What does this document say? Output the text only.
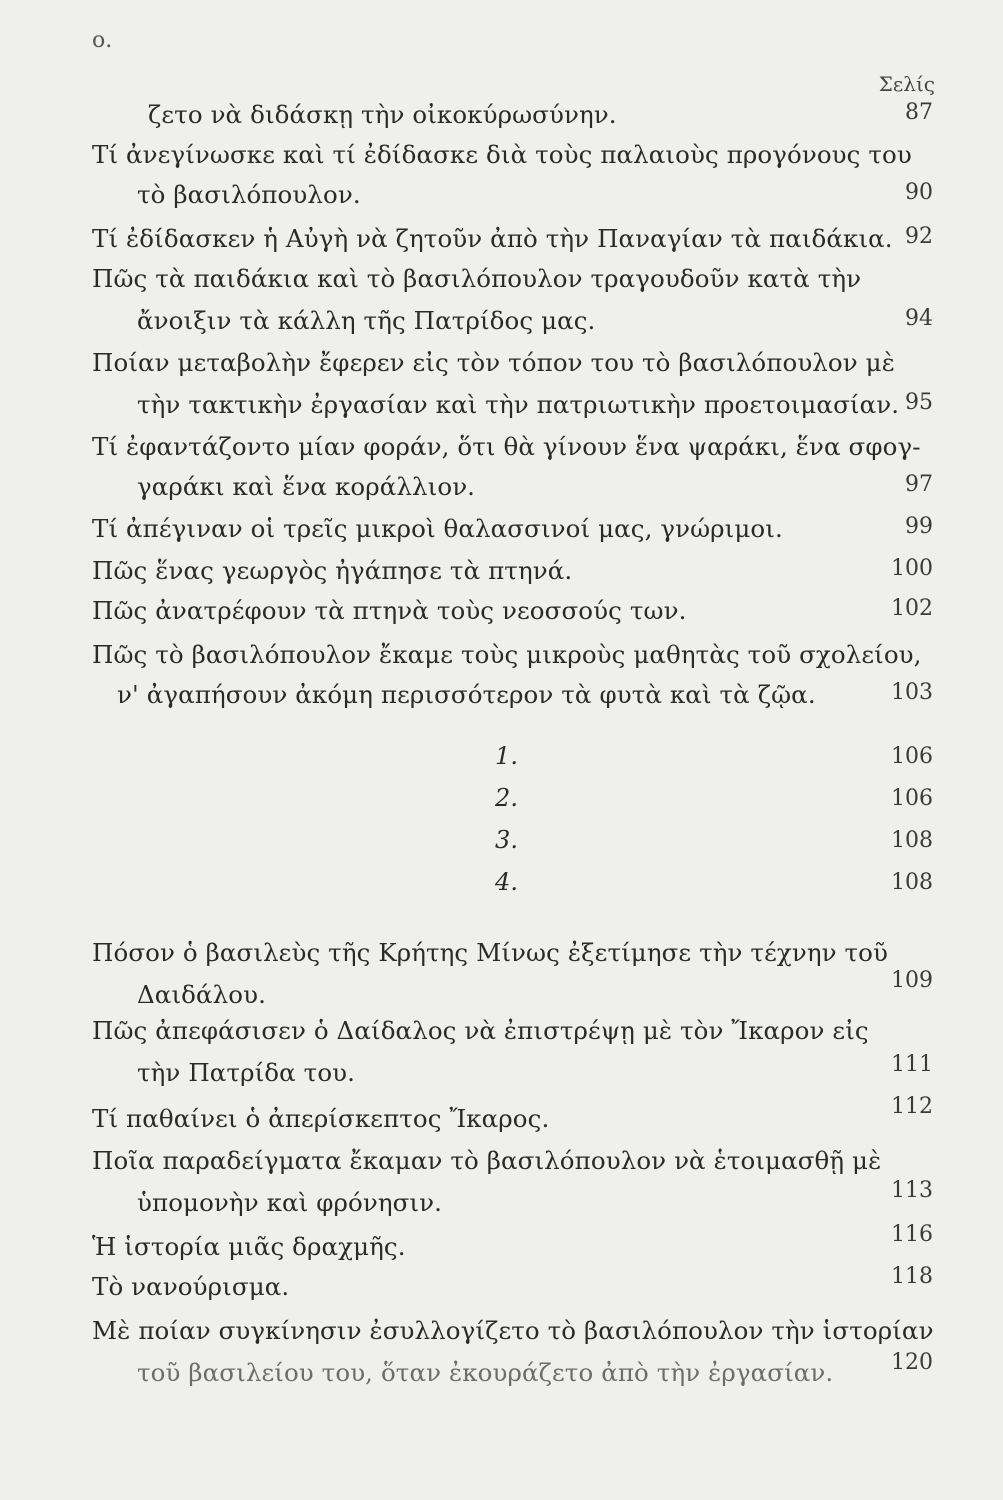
ο.
Σελίς
ζετο νὰ διδάσκῃ τὴν οἰκοκύρωσύνην.	87
Τί ἀνεγίνωσκε καὶ τί ἐδίδασκε διὰ τοὺς παλαιοὺς προγόνους του
τὸ βασιλόπουλον.	90
Τί ἐδίδασκεν ἡ Αὐγὴ νὰ ζητοῦν ἀπὸ τὴν Παναγίαν τὰ παιδάκια. 92
Πῶς τὰ παιδάκια καὶ τὸ βασιλόπουλον τραγουδοῦν κατὰ τὴν
ἄνοιξιν τὰ κάλλη τῆς Πατρίδος μας.	94
Ποίαν μεταβολὴν ἔφερεν εἰς τὸν τόπον του τὸ βασιλόπουλον μὲ
τὴν τακτικὴν ἐργασίαν καὶ τὴν πατριωτικὴν προετοιμασίαν. 95
Τί ἐφαντάζοντο μίαν φοράν, ὅτι θὰ γίνουν ἕνα ψαράκι, ἕνα σφογ-
γαράκι καὶ ἕνα κοράλλιον.	97
Τί ἀπέγιναν οἱ τρεῖς μικροὶ θαλασσινοί μας, γνώριμοι.	99
Πῶς ἕνας γεωργὸς ἠγάπησε τὰ πτηνά.	100
Πῶς ἀνατρέφουν τὰ πτηνὰ τοὺς νεοσσούς των.	102
Πῶς τὸ βασιλόπουλον ἔκαμε τοὺς μικροὺς μαθητὰς τοῦ σχολείου,
ν' ἀγαπήσουν ἀκόμη περισσότερον τὰ φυτὰ καὶ τὰ ζῷα.	103
1.	106
2.	106
3.	108
4.	108
Πόσον ὁ βασιλεὺς τῆς Κρήτης Μίνως ἐξετίμησε τὴν τέχνην τοῦ
Δαιδάλου.	109
Πῶς ἀπεφάσισεν ὁ Δαίδαλος νὰ ἐπιστρέψῃ μὲ τὸν Ἴκαρον εἰς
τὴν Πατρίδα του.	111
Τί παθαίνει ὁ ἀπερίσκεπτος Ἴκαρος.	112
Ποῖα παραδείγματα ἔκαμαν τὸ βασιλόπουλον νὰ ἑτοιμασθῇ μὲ
ὑπομονὴν καὶ φρόνησιν.	113
Ἡ ἱστορία μιᾶς δραχμῆς.	116
Τὸ νανούρισμα.	118
Μὲ ποίαν συγκίνησιν ἐσυλλογίζετο τὸ βασιλόπουλον τὴν ἱστορίαν
τοῦ βασιλείου του, ὅταν ἐκουράζετο ἀπὸ τὴν ἐργασίαν.	120
